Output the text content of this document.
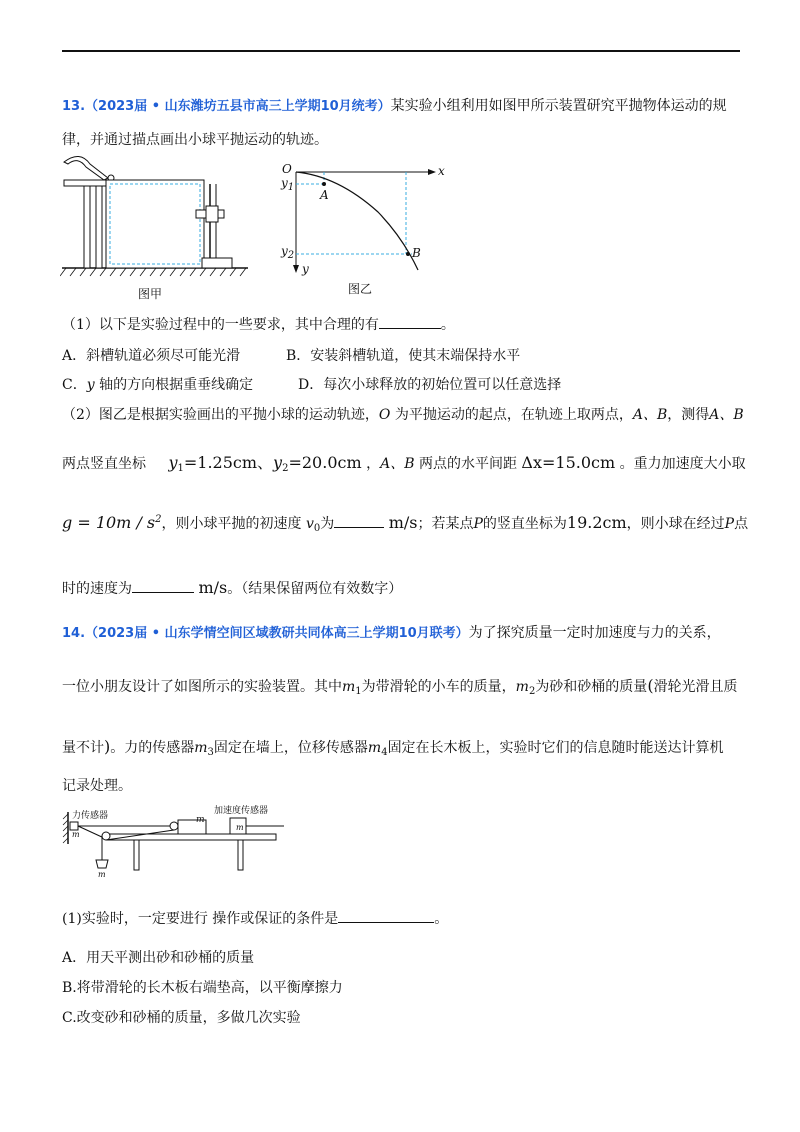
13.（2023届 • 山东潍坊五县市高三上学期10月统考）某实验小组利用如图甲所示装置研究平抛物体运动的规
律，并通过描点画出小球平抛运动的轨迹。
图甲
O	x
y
$y_1$
$y_2$
A
B
图乙
（1）以下是实验过程中的一些要求，其中合理的有	。
A．斜槽轨道必须尽可能光滑	B．安装斜槽轨道，使其末端保持水平
C．y 轴的方向根据重垂线确定	D．每次小球释放的初始位置可以任意选择
（2）图乙是根据实验画出的平抛小球的运动轨迹，O 为平抛运动的起点，在轨迹上取两点，A、B，测得A、B
两点竖直坐标 $y_1=1.25cm$、$y_2=20.0cm$ ，A、B 两点的水平间距 Δx=15.0cm 。重力加速度大小取
$g = 10m / s^2$，则小球平抛的初速度 $v_0$为	m/s；若某点P的竖直坐标为19.2cm，则小球在经过P点
时的速度为	m/s。（结果保留两位有效数字）
14.（2023届 • 山东学情空间区域教研共同体高三上学期10月联考）为了探究质量一定时加速度与力的关系，
一位小朋友设计了如图所示的实验装置。其中$m_1$为带滑轮的小车的质量，$m_2$为砂和砂桶的质量(滑轮光滑且质
量不计)。力的传感器$m_3$固定在墙上，位移传感器$m_4$固定在长木板上，实验时它们的信息随时能送达计算机
记录处理。
力传感器	加速度传感器
m
m
m
m
(1)实验时，一定要进行 操作或保证的条件是	。
A．用天平测出砂和砂桶的质量
B.将带滑轮的长木板右端垫高，以平衡摩擦力
C.改变砂和砂桶的质量，多做几次实验
